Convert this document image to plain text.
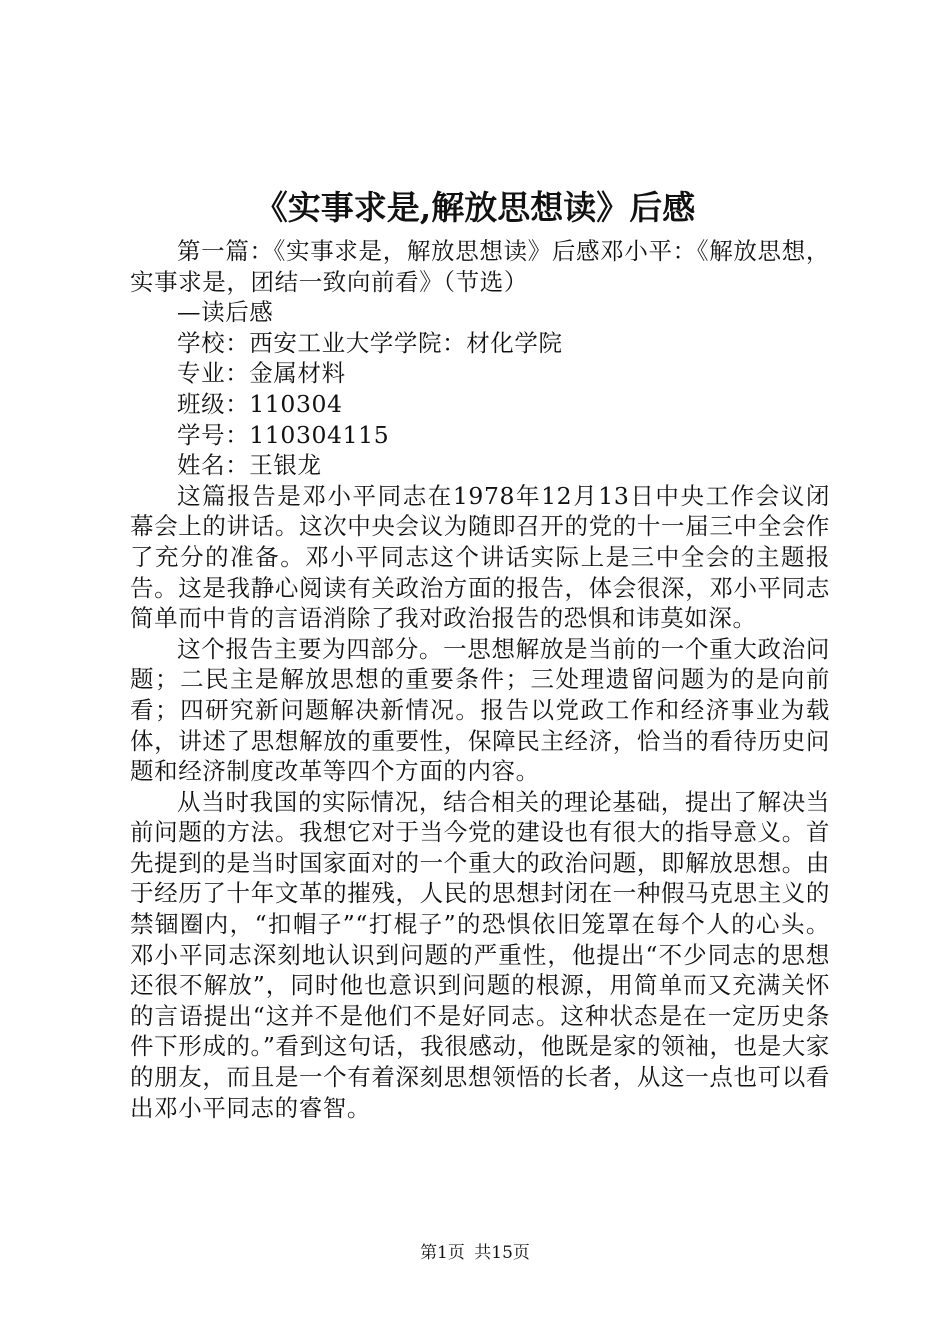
《实事求是,解放思想读》后感

第一篇：《实事求是，解放思想读》后感邓小平：《解放思想，实事求是，团结一致向前看》（节选）

—读后感

学校：西安工业大学学院：材化学院

专业：金属材料

班级：110304

学号：110304115

姓名：王银龙

这篇报告是邓小平同志在1978年12月13日中央工作会议闭幕会上的讲话。这次中央会议为随即召开的党的十一届三中全会作了充分的准备。邓小平同志这个讲话实际上是三中全会的主题报告。这是我静心阅读有关政治方面的报告，体会很深，邓小平同志简单而中肯的言语消除了我对政治报告的恐惧和讳莫如深。

这个报告主要为四部分。一思想解放是当前的一个重大政治问题；二民主是解放思想的重要条件；三处理遗留问题为的是向前看；四研究新问题解决新情况。报告以党政工作和经济事业为载体，讲述了思想解放的重要性，保障民主经济，恰当的看待历史问题和经济制度改革等四个方面的内容。

从当时我国的实际情况，结合相关的理论基础，提出了解决当前问题的方法。我想它对于当今党的建设也有很大的指导意义。首先提到的是当时国家面对的一个重大的政治问题，即解放思想。由于经历了十年文革的摧残，人民的思想封闭在一种假马克思主义的禁锢圈内，“扣帽子”“打棍子”的恐惧依旧笼罩在每个人的心头。邓小平同志深刻地认识到问题的严重性，他提出“不少同志的思想还很不解放”，同时他也意识到问题的根源，用简单而又充满关怀的言语提出“这并不是他们不是好同志。这种状态是在一定历史条件下形成的。”看到这句话，我很感动，他既是家的领袖，也是大家的朋友，而且是一个有着深刻思想领悟的长者，从这一点也可以看出邓小平同志的睿智。

第1页 共15页
